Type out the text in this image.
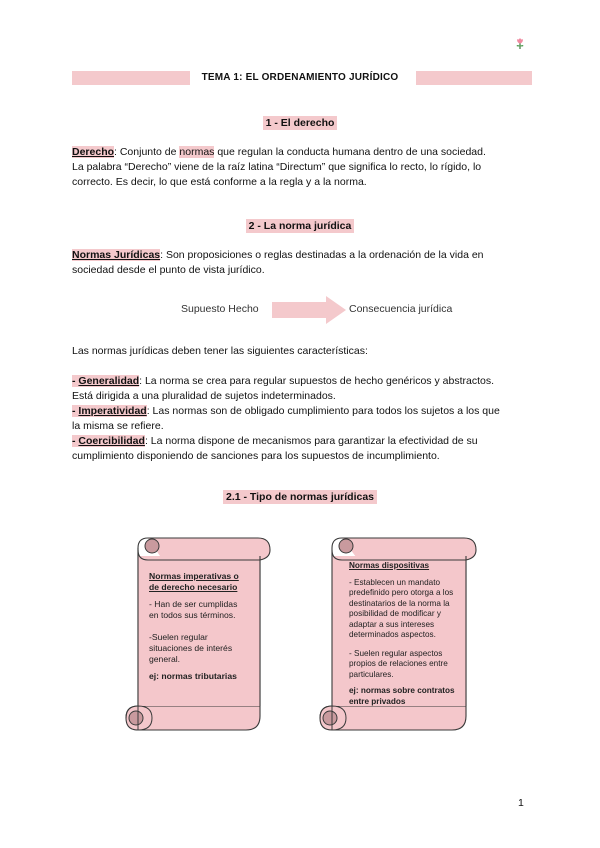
TEMA 1: EL ORDENAMIENTO JURÍDICO
1 - El derecho
Derecho: Conjunto de normas que regulan la conducta humana dentro de una sociedad.
La palabra “Derecho” viene de la raíz latina “Directum” que significa lo recto, lo rígido, lo
correcto. Es decir, lo que está conforme a la regla y a la norma.
2 - La norma jurídica
Normas Jurídicas: Son proposiciones o reglas destinadas a la ordenación de la vida en
sociedad desde el punto de vista jurídico.
Supuesto Hecho	Consecuencia jurídica
Las normas jurídicas deben tener las siguientes características:
- Generalidad: La norma se crea para regular supuestos de hecho genéricos y abstractos.
Está dirigida a una pluralidad de sujetos indeterminados.
- Imperatividad: Las normas son de obligado cumplimiento para todos los sujetos a los que
la misma se refiere.
- Coercibilidad: La norma dispone de mecanismos para garantizar la efectividad de su
cumplimiento disponiendo de sanciones para los supuestos de incumplimiento.
2.1 - Tipo de normas jurídicas
Normas imperativas o
de derecho necesario
- Han de ser cumplidas
en todos sus términos.
-Suelen regular
situaciones de interés
general.
ej: normas tributarias
Normas dispositivas
- Establecen un mandato
predefinido pero otorga a los
destinatarios de la norma la
posibilidad de modificar y
adaptar a sus intereses
determinados aspectos.
- Suelen regular aspectos
propios de relaciones entre
particulares.
ej: normas sobre contratos
entre privados
1
